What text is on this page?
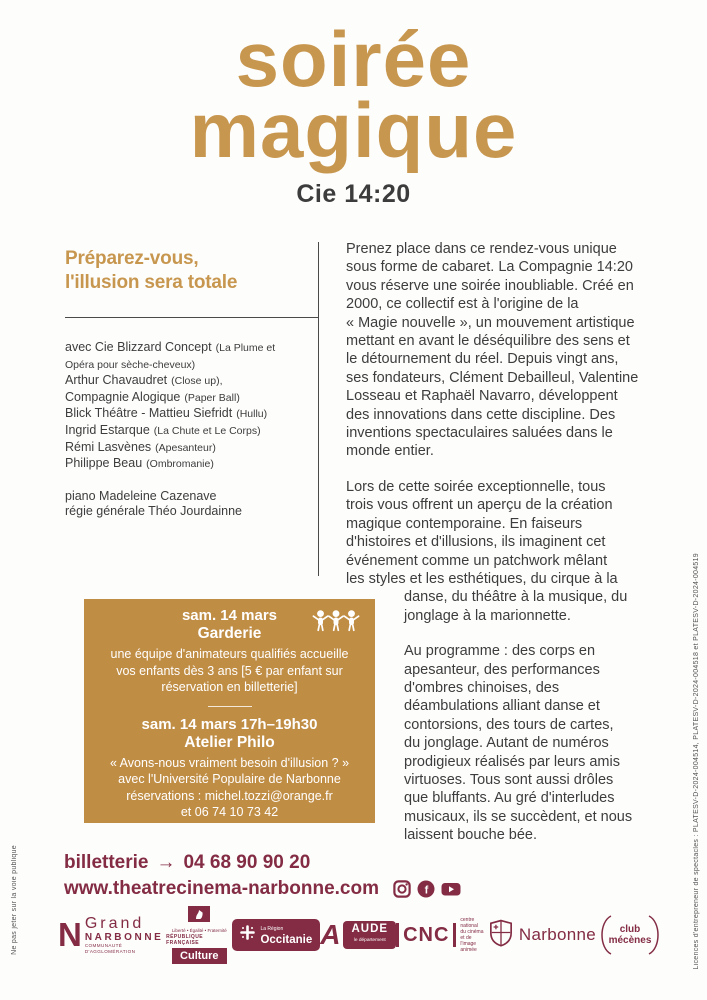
soirée
magique
Cie 14:20
Préparez-vous,
l'illusion sera totale
avec Cie Blizzard Concept (La Plume et
Opéra pour sèche-cheveux)
Arthur Chavaudret (Close up),
Compagnie Alogique (Paper Ball)
Blick Théâtre - Mattieu Siefridt (Hullu)
Ingrid Estarque (La Chute et Le Corps)
Rémi Lasvènes (Apesanteur)
Philippe Beau (Ombromanie)
piano Madeleine Cazenave
régie générale Théo Jourdainne

Prenez place dans ce rendez-vous unique
sous forme de cabaret. La Compagnie 14:20
vous réserve une soirée inoubliable. Créé en
2000, ce collectif est à l'origine de la
« Magie nouvelle », un mouvement artistique
mettant en avant le déséquilibre des sens et
le détournement du réel. Depuis vingt ans,
ses fondateurs, Clément Debailleul, Valentine
Losseau et Raphaël Navarro, développent
des innovations dans cette discipline. Des
inventions spectaculaires saluées dans le
monde entier.

Lors de cette soirée exceptionnelle, tous
trois vous offrent un aperçu de la création
magique contemporaine. En faiseurs
d'histoires et d'illusions, ils imaginent cet
événement comme un patchwork mêlant
les styles et les esthétiques, du cirque à la

danse, du théâtre à la musique, du
jonglage à la marionnette.

Au programme : des corps en
apesanteur, des performances
d'ombres chinoises, des
déambulations alliant danse et
contorsions, des tours de cartes,
du jonglage. Autant de numéros
prodigieux réalisés par leurs amis
virtuoses. Tous sont aussi drôles
que bluffants. Au gré d'interludes
musicaux, ils se succèdent, et nous
laissent bouche bée.

sam. 14 mars
Garderie
une équipe d'animateurs qualifiés accueille
vos enfants dès 3 ans [5 € par enfant sur
réservation en billetterie]
sam. 14 mars 17h–19h30
Atelier Philo
« Avons-nous vraiment besoin d'illusion ? »
avec l'Université Populaire de Narbonne
réservations : michel.tozzi@orange.fr
et 06 74 10 73 42
billetterie → 04 68 90 90 20
www.theatrecinema-narbonne.com	f
N Grand
NARBONNE
COMMUNAUTÉ D'AGGLOMÉRATION
Liberté • Égalité • Fraternité
RÉPUBLIQUE FRANÇAISE
Culture
La Région
Occitanie A AUDE
le département CNC
centre national
du cinéma et de
l'image animée
Narbonne club
mécènes
Ne pas jeter sur la voie publique	Licences d'entrepreneur de spectacles : PLATESV-D-2024-004514, PLATESV-D-2024-004518 et PLATESV-D-2024-004519
